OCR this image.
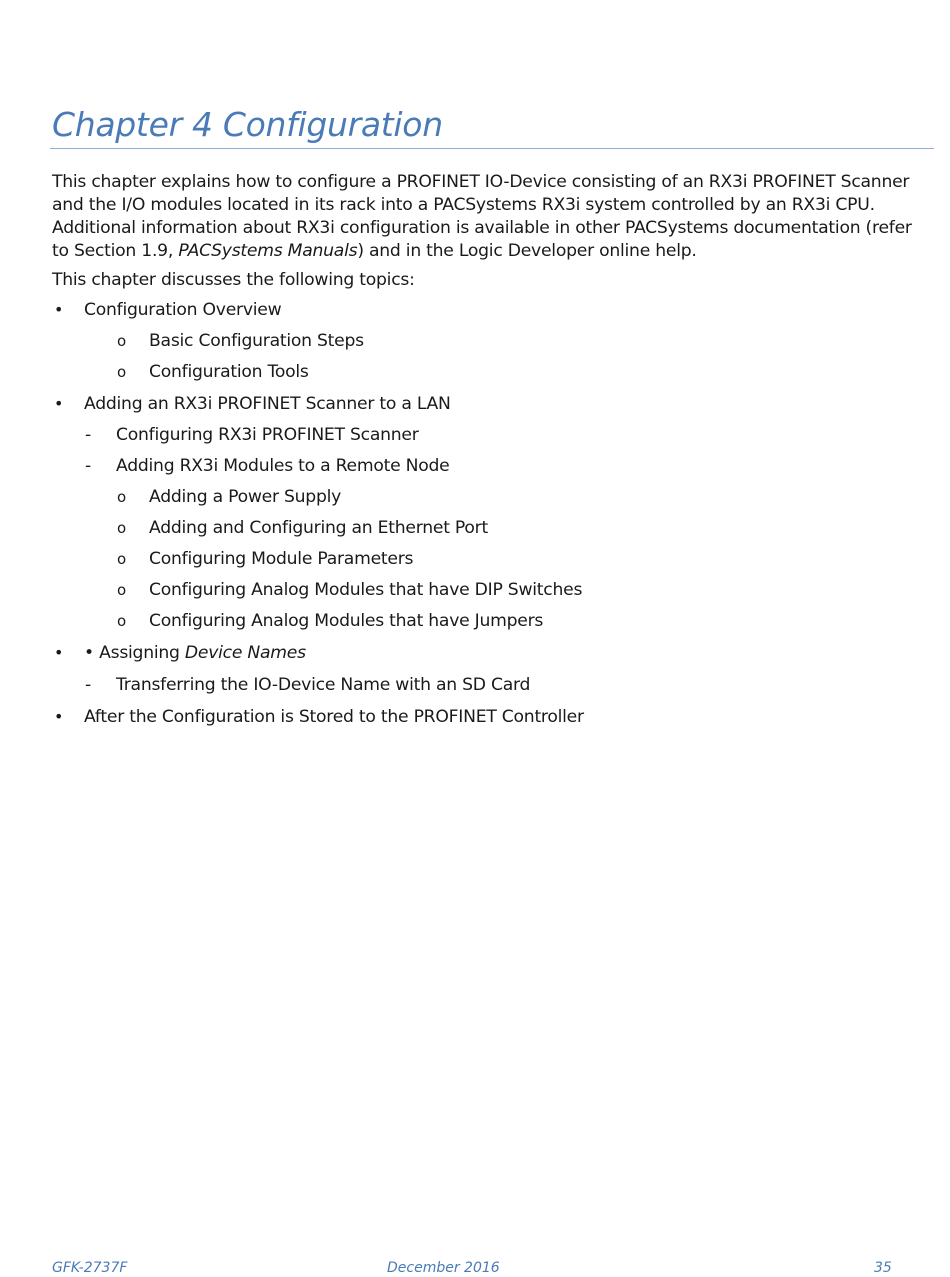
Chapter 4 Configuration

This chapter explains how to configure a PROFINET IO-Device consisting of an RX3i PROFINET Scanner and the I/O modules located in its rack into a PACSystems RX3i system controlled by an RX3i CPU. Additional information about RX3i configuration is available in other PACSystems documentation (refer to Section 1.9, PACSystems Manuals) and in the Logic Developer online help.

This chapter discusses the following topics:

• Configuration Overview
o Basic Configuration Steps
o Configuration Tools
• Adding an RX3i PROFINET Scanner to a LAN
- Configuring RX3i PROFINET Scanner
- Adding RX3i Modules to a Remote Node
o Adding a Power Supply
o Adding and Configuring an Ethernet Port
o Configuring Module Parameters
o Configuring Analog Modules that have DIP Switches
o Configuring Analog Modules that have Jumpers
• • Assigning Device Names
- Transferring the IO-Device Name with an SD Card
• After the Configuration is Stored to the PROFINET Controller
GFK-2737F	December 2016	35
